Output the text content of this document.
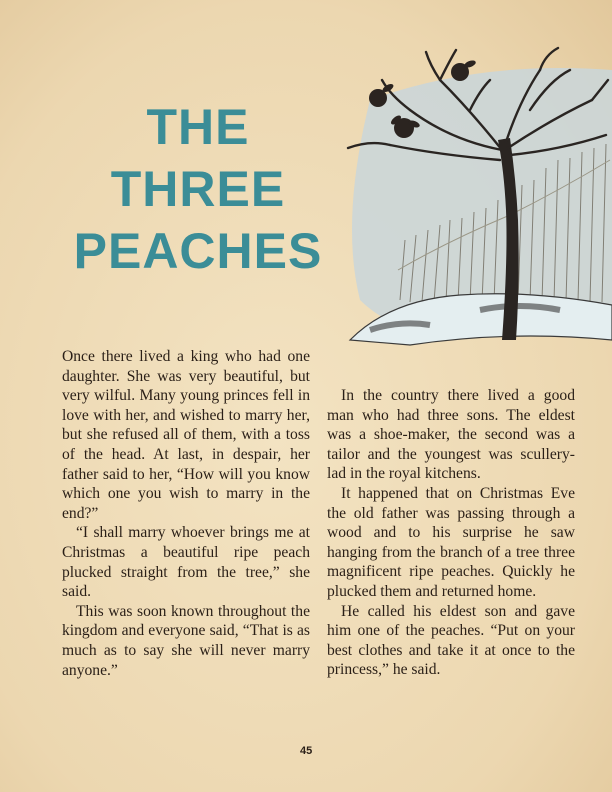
THE
THREE
PEACHES

Once there lived a king who had one daughter. She was very beautiful, but very wilful. Many young princes fell in love with her, and wished to marry her, but she refused all of them, with a toss of the head. At last, in despair, her father said to her, “How will you know which one you wish to marry in the end?”

“I shall marry whoever brings me at Christmas a beautiful ripe peach plucked straight from the tree,” she said.

This was soon known throughout the kingdom and everyone said, “That is as much as to say she will never marry anyone.”

In the country there lived a good man who had three sons. The eldest was a shoe-maker, the second was a tailor and the youngest was scullery-lad in the royal kitchens.

It happened that on Christmas Eve the old father was passing through a wood and to his surprise he saw hanging from the branch of a tree three magnificent ripe peaches. Quickly he plucked them and returned home.

He called his eldest son and gave him one of the peaches. “Put on your best clothes and take it at once to the princess,” he said.

45
